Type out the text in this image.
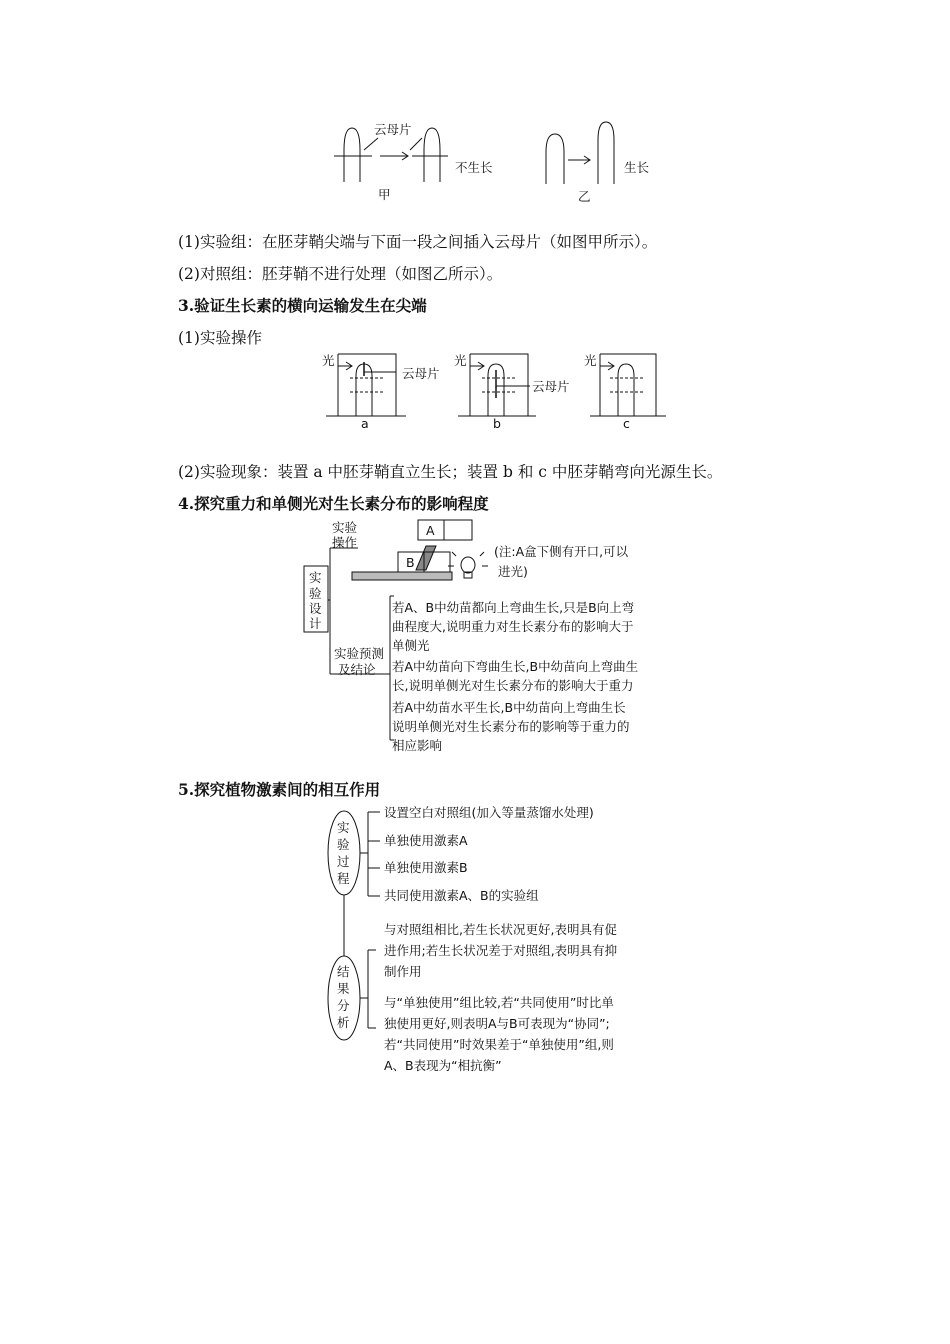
云母片
不生长
甲
生长
乙
(1)实验组：在胚芽鞘尖端与下面一段之间插入云母片（如图甲所示）。
(2)对照组：胚芽鞘不进行处理（如图乙所示）。
3.验证生长素的横向运输发生在尖端
(1)实验操作
光
云母片
光
云母片
光
a	b	c
(2)实验现象：装置 a 中胚芽鞘直立生长；装置 b 和 c 中胚芽鞘弯向光源生长。
4.探究重力和单侧光对生长素分布的影响程度
实
验
设
计
实验
操作
A
B
(注:A盒下侧有开口,可以
进光)
实验预测
及结论
若A、B中幼苗都向上弯曲生长,只是B向上弯
曲程度大,说明重力对生长素分布的影响大于
单侧光
若A中幼苗向下弯曲生长,B中幼苗向上弯曲生
长,说明单侧光对生长素分布的影响大于重力
若A中幼苗水平生长,B中幼苗向上弯曲生长
说明单侧光对生长素分布的影响等于重力的
相应影响
5.探究植物激素间的相互作用
实
验
过
程
设置空白对照组(加入等量蒸馏水处理)
单独使用激素A
单独使用激素B
共同使用激素A、B的实验组
结
果
分
析
与对照组相比,若生长状况更好,表明具有促
进作用;若生长状况差于对照组,表明具有抑
制作用
与“单独使用”组比较,若“共同使用”时比单
独使用更好,则表明A与B可表现为“协同”;
若“共同使用”时效果差于“单独使用”组,则
A、B表现为“相抗衡”
